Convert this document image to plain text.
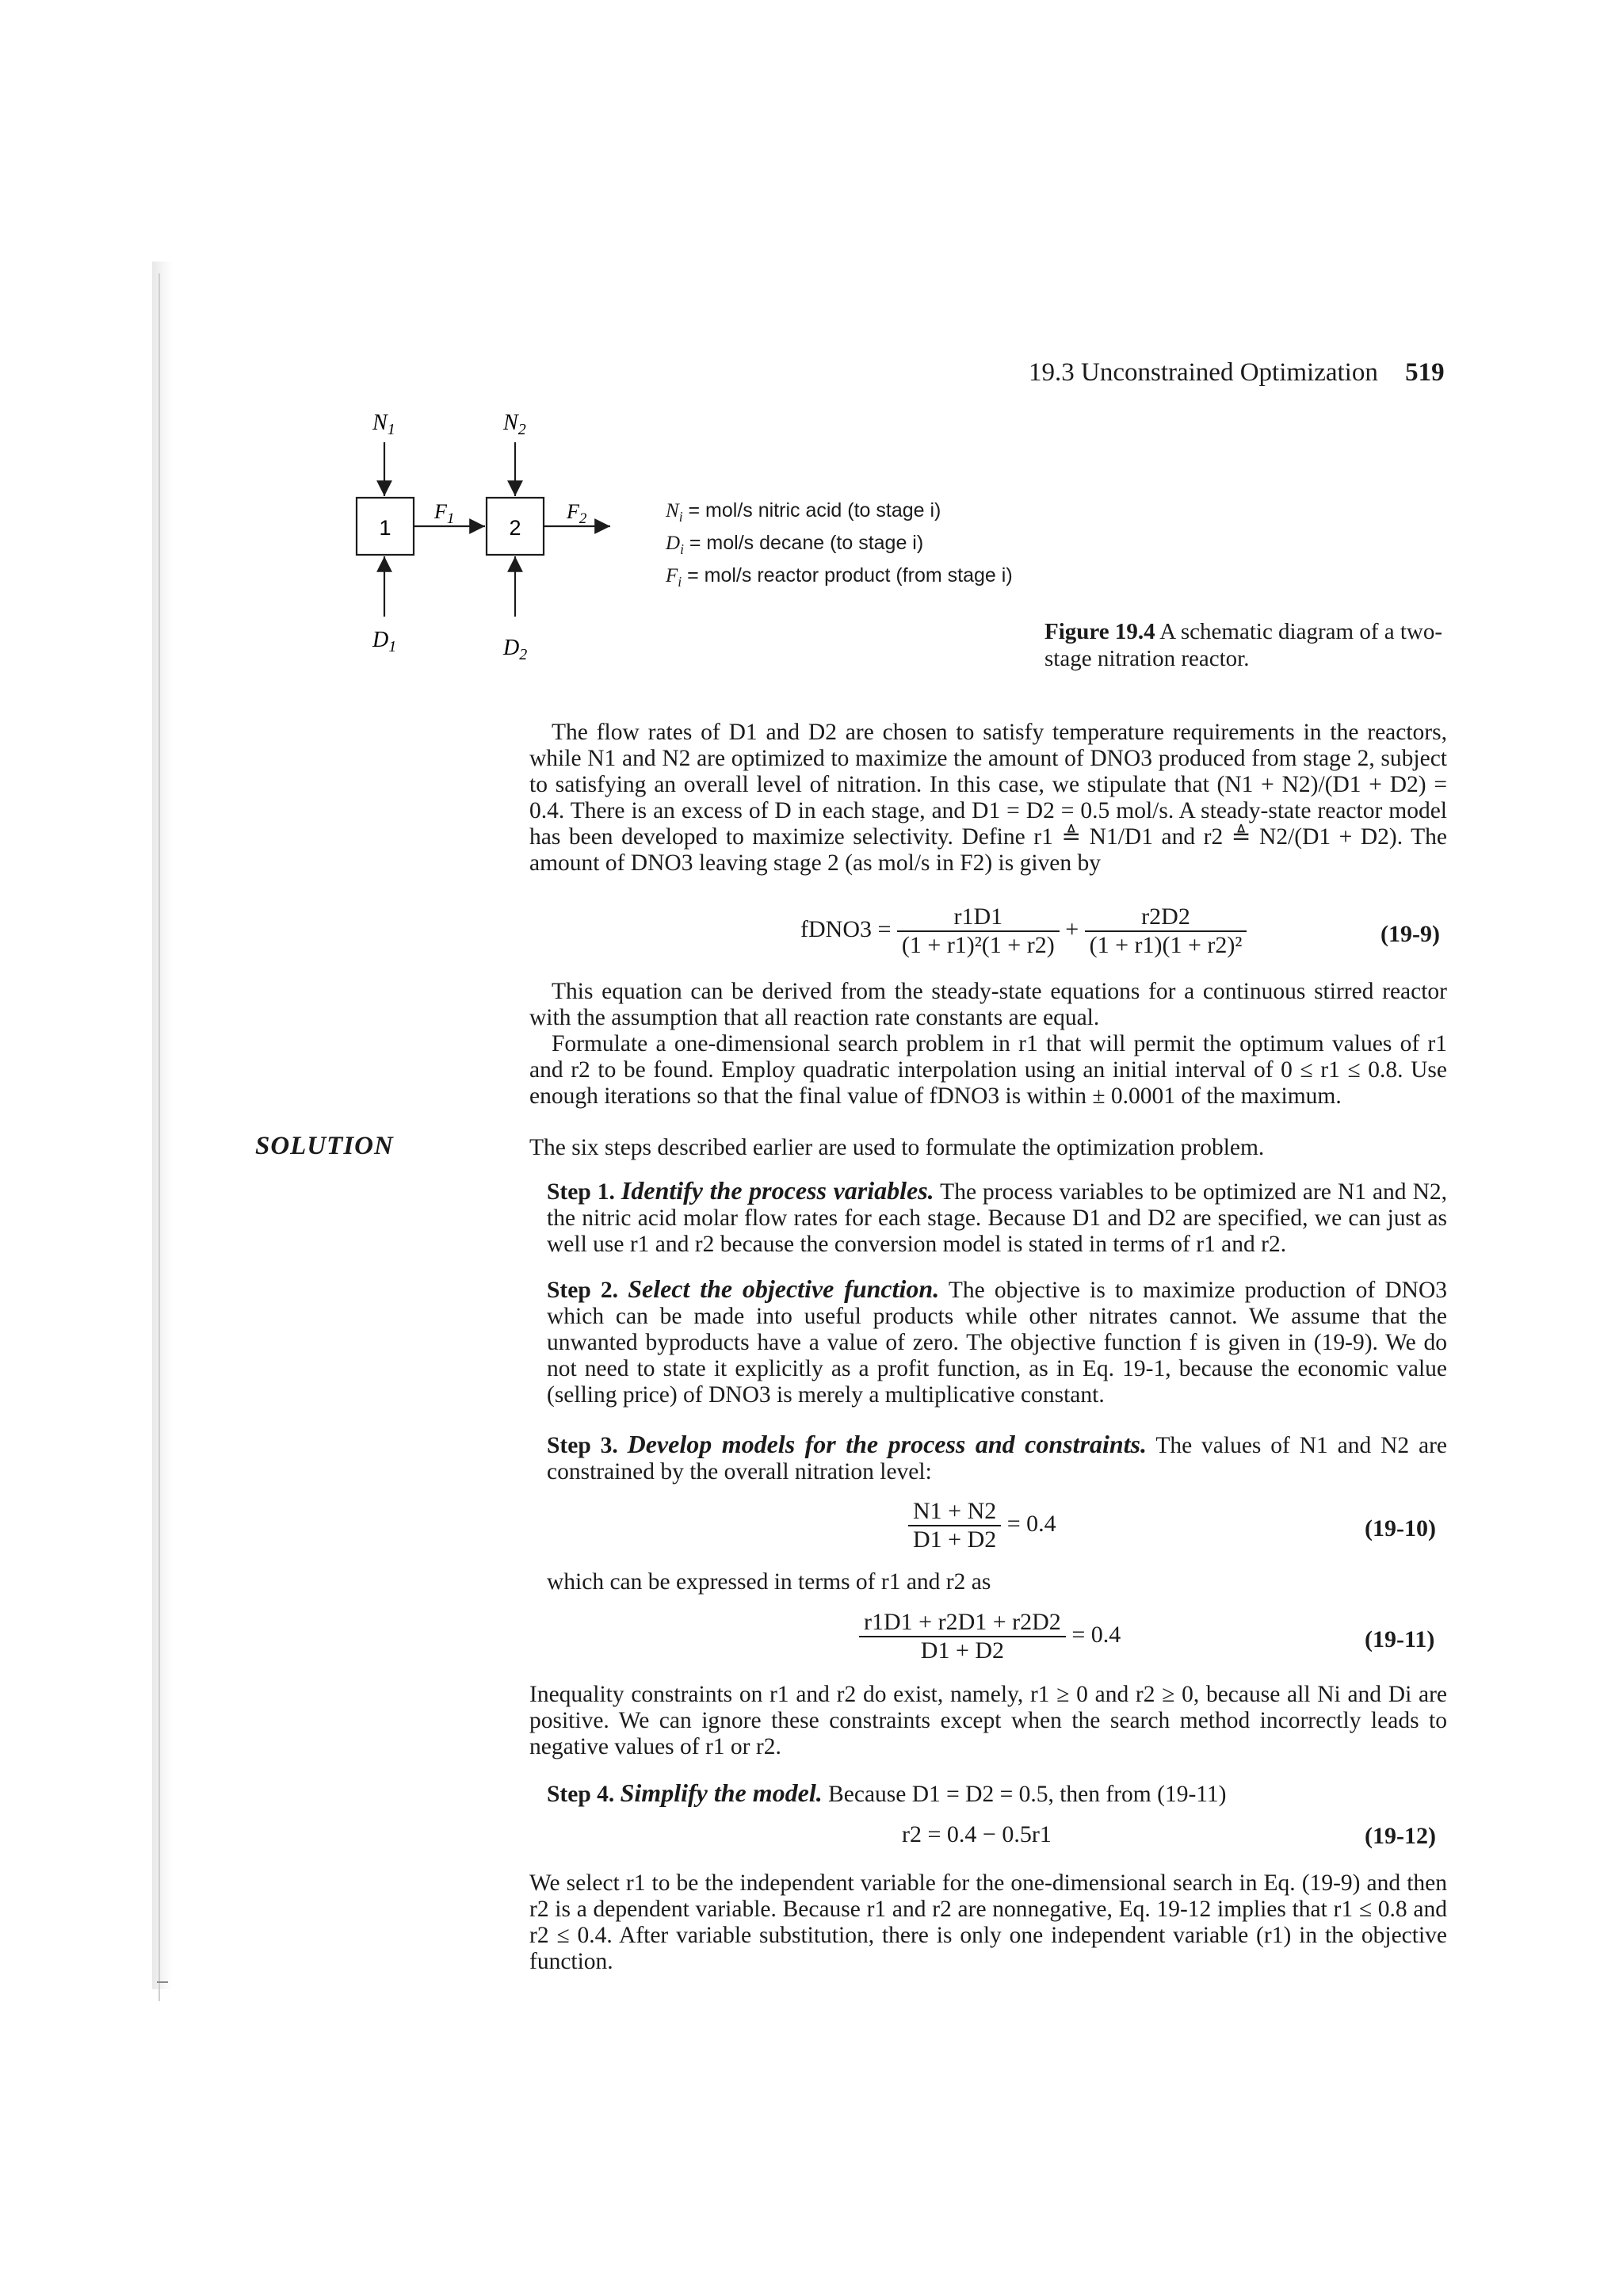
19.3 Unconstrained Optimization 519
$N_1$	$N_2$
1	2
$F_1$	$F_2$
$D_1$	$D_2$
$N_i = mol/s$ nitric acid (to stage i)
$D_i = mol/s$ decane (to stage i)
$F_i = mol/s$ reactor product (from stage i)
Figure 19.4 A schematic diagram of a two-stage nitration reactor.

The flow rates of D1 and D2 are chosen to satisfy temperature requirements in the reactors, while N1 and N2 are optimized to maximize the amount of DNO3 produced from stage 2, subject to satisfying an overall level of nitration. In this case, we stipulate that (N1 + N2)/(D1 + D2) = 0.4. There is an excess of D in each stage, and D1 = D2 = 0.5 mol/s. A steady-state reactor model has been developed to maximize selectivity. Define r1 ≜ N1/D1 and r2 ≜ N2/(D1 + D2). The amount of DNO3 leaving stage 2 (as mol/s in F2) is given by

fDNO3 = $\frac{r1D1}{\text{(1 + r1)²(1 + r2)}} + \frac{r2D2}{\text{(1 + r1)(1 + r2)²}}$	(19-9)

This equation can be derived from the steady-state equations for a continuous stirred reactor with the assumption that all reaction rate constants are equal.

Formulate a one-dimensional search problem in r1 that will permit the optimum values of r1 and r2 to be found. Employ quadratic interpolation using an initial interval of 0 ≤ r1 ≤ 0.8. Use enough iterations so that the final value of fDNO3 is within ± 0.0001 of the maximum.

SOLUTION	The six steps described earlier are used to formulate the optimization problem.

Step 1. Identify the process variables. The process variables to be optimized are N1 and N2, the nitric acid molar flow rates for each stage. Because D1 and D2 are specified, we can just as well use r1 and r2 because the conversion model is stated in terms of r1 and r2.
Step 2. Select the objective function. The objective is to maximize production of DNO3 which can be made into useful products while other nitrates cannot. We assume that the unwanted byproducts have a value of zero. The objective function f is given in (19-9). We do not need to state it explicitly as a profit function, as in Eq. 19-1, because the economic value (selling price) of DNO3 is merely a multiplicative constant.
Step 3. Develop models for the process and constraints. The values of N1 and N2 are constrained by the overall nitration level:
$\frac{N1 + N2}{D1 + D2} = 0.4$	(19-10)
which can be expressed in terms of r1 and r2 as
$\frac{r1D1 + r2D1 + r2D2}{D1 + D2} = 0.4$	(19-11)

Inequality constraints on r1 and r2 do exist, namely, r1 ≥ 0 and r2 ≥ 0, because all Ni and Di are positive. We can ignore these constraints except when the search method incorrectly leads to negative values of r1 or r2.

Step 4. Simplify the model. Because D1 = D2 = 0.5, then from (19-11)
r2 = 0.4 − 0.5r1	(19-12)

We select r1 to be the independent variable for the one-dimensional search in Eq. (19-9) and then r2 is a dependent variable. Because r1 and r2 are nonnegative, Eq. 19-12 implies that r1 ≤ 0.8 and r2 ≤ 0.4. After variable substitution, there is only one independent variable (r1) in the objective function.
